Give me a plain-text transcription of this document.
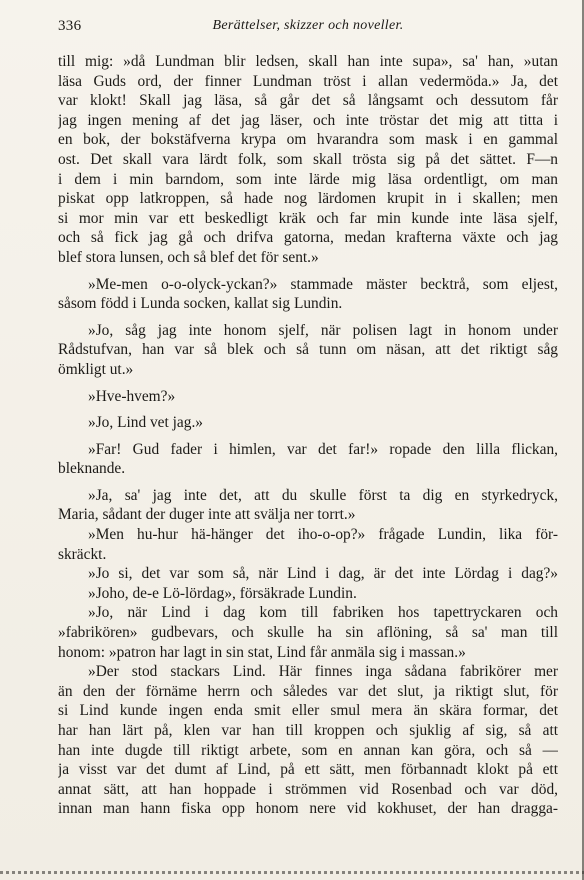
336	Berättelser, skizzer och noveller.
till mig: »då Lundman blir ledsen, skall han inte supa», sa' han, »utan
läsa Guds ord, der finner Lundman tröst i allan vedermöda.» Ja, det
var klokt! Skall jag läsa, så går det så långsamt och dessutom får
jag ingen mening af det jag läser, och inte tröstar det mig att titta i
en bok, der bokstäfverna krypa om hvarandra som mask i en gammal
ost. Det skall vara lärdt folk, som skall trösta sig på det sättet. F—n
i dem i min barndom, som inte lärde mig läsa ordentligt, om man
piskat opp latkroppen, så hade nog lärdomen krupit in i skallen; men
si mor min var ett beskedligt kräk och far min kunde inte läsa sjelf,
och så fick jag gå och drifva gatorna, medan krafterna växte och jag
blef stora lunsen, och så blef det för sent.»
»Me-men o-o-olyck-yckan?» stammade mäster becktrå, som eljest,
såsom född i Lunda socken, kallat sig Lundin.
»Jo, såg jag inte honom sjelf, när polisen lagt in honom under
Rådstufvan, han var så blek och så tunn om näsan, att det riktigt såg
ömkligt ut.»
»Hve-hvem?»
»Jo, Lind vet jag.»
»Far! Gud fader i himlen, var det far!» ropade den lilla flickan,
bleknande.
»Ja, sa' jag inte det, att du skulle först ta dig en styrkedryck,
Maria, sådant der duger inte att svälja ner torrt.»
»Men hu-hur hä-hänger det iho-o-op?» frågade Lundin, lika för-
skräckt.
»Jo si, det var som så, när Lind i dag, är det inte Lördag i dag?»
»Joho, de-e Lö-lördag», försäkrade Lundin.
»Jo, när Lind i dag kom till fabriken hos tapettryckaren och
»fabrikören» gudbevars, och skulle ha sin aflöning, så sa' man till
honom: »patron har lagt in sin stat, Lind får anmäla sig i massan.»
»Der stod stackars Lind. Här finnes inga sådana fabrikörer mer
än den der förnäme herrn och således var det slut, ja riktigt slut, för
si Lind kunde ingen enda smit eller smul mera än skära formar, det
har han lärt på, klen var han till kroppen och sjuklig af sig, så att
han inte dugde till riktigt arbete, som en annan kan göra, och så —
ja visst var det dumt af Lind, på ett sätt, men förbannadt klokt på ett
annat sätt, att han hoppade i strömmen vid Rosenbad och var död,
innan man hann fiska opp honom nere vid kokhuset, der han dragga-
